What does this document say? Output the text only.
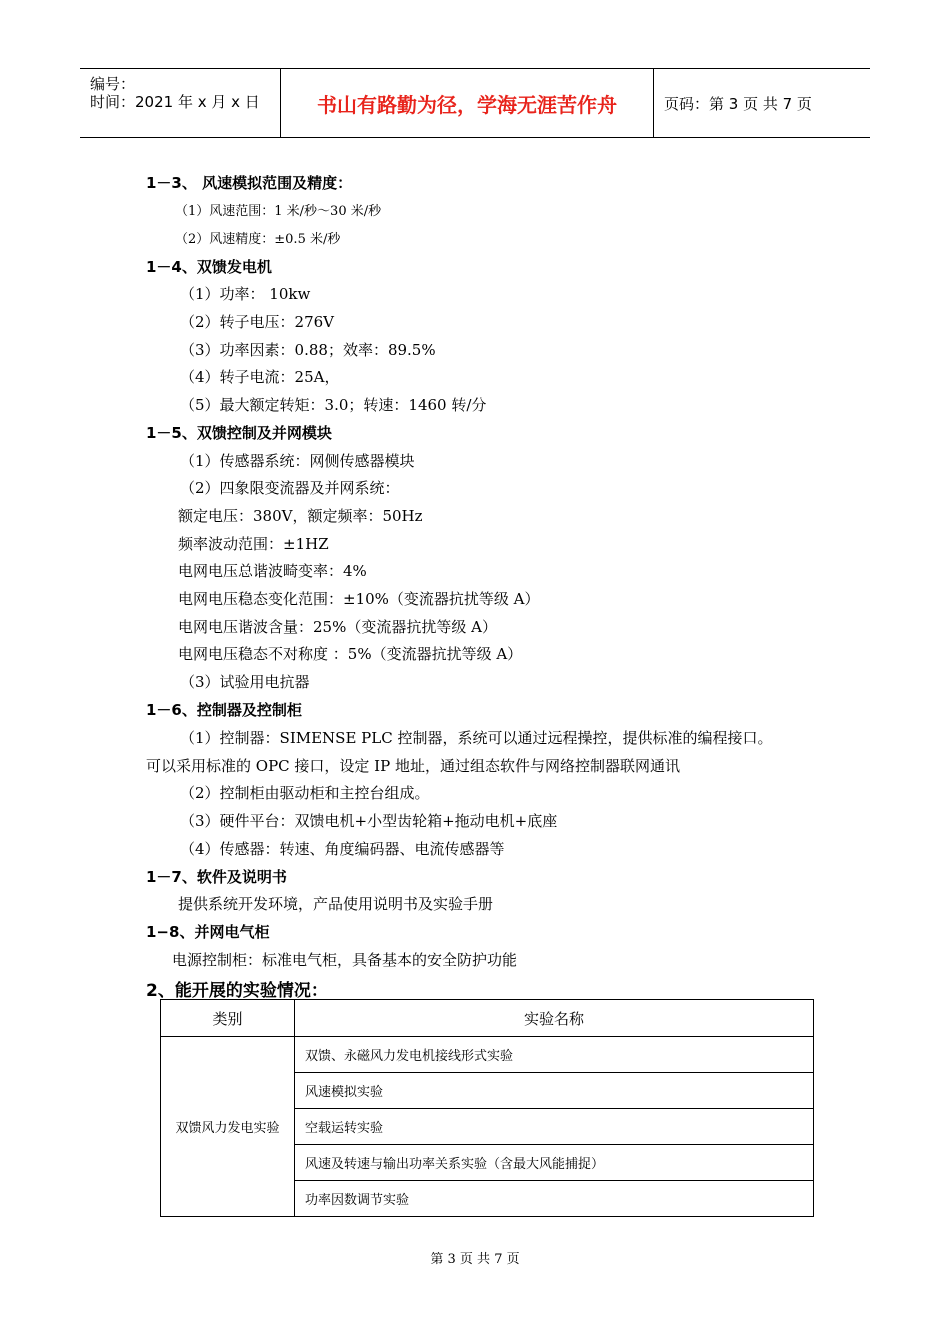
编号：
时间：2021 年 x 月 x 日	书山有路勤为径，学海无涯苦作舟	页码：第 3 页 共 7 页
1－3、 风速模拟范围及精度：
（1）风速范围：1 米/秒～30 米/秒
（2）风速精度：±0.5 米/秒
1－4、双馈发电机
（1）功率： 10kw
（2）转子电压：276V
（3）功率因素：0.88；效率：89.5%
（4）转子电流：25A，
（5）最大额定转矩：3.0；转速：1460 转/分
1－5、双馈控制及并网模块
（1）传感器系统：网侧传感器模块
（2）四象限变流器及并网系统：
额定电压：380V，额定频率：50Hz
频率波动范围：±1HZ
电网电压总谐波畸变率：4%
电网电压稳态变化范围：±10%（变流器抗扰等级 A）
电网电压谐波含量：25%（变流器抗扰等级 A）
电网电压稳态不对称度 ：5%（变流器抗扰等级 A）
（3）试验用电抗器
1－6、控制器及控制柜
（1）控制器：SIMENSE PLC 控制器，系统可以通过远程操控，提供标准的编程接口。
可以采用标准的 OPC 接口，设定 IP 地址，通过组态软件与网络控制器联网通讯
（2）控制柜由驱动柜和主控台组成。
（3）硬件平台：双馈电机+小型齿轮箱+拖动电机+底座
（4）传感器：转速、角度编码器、电流传感器等
1－7、软件及说明书
提供系统开发环境，产品使用说明书及实验手册
1−8、并网电气柜
电源控制柜：标准电气柜，具备基本的安全防护功能
2、能开展的实验情况：
类别	实验名称
双馈风力发电实验	双馈、永磁风力发电机接线形式实验
	风速模拟实验
	空载运转实验
	风速及转速与输出功率关系实验（含最大风能捕捉）
	功率因数调节实验
第 3 页 共 7 页
